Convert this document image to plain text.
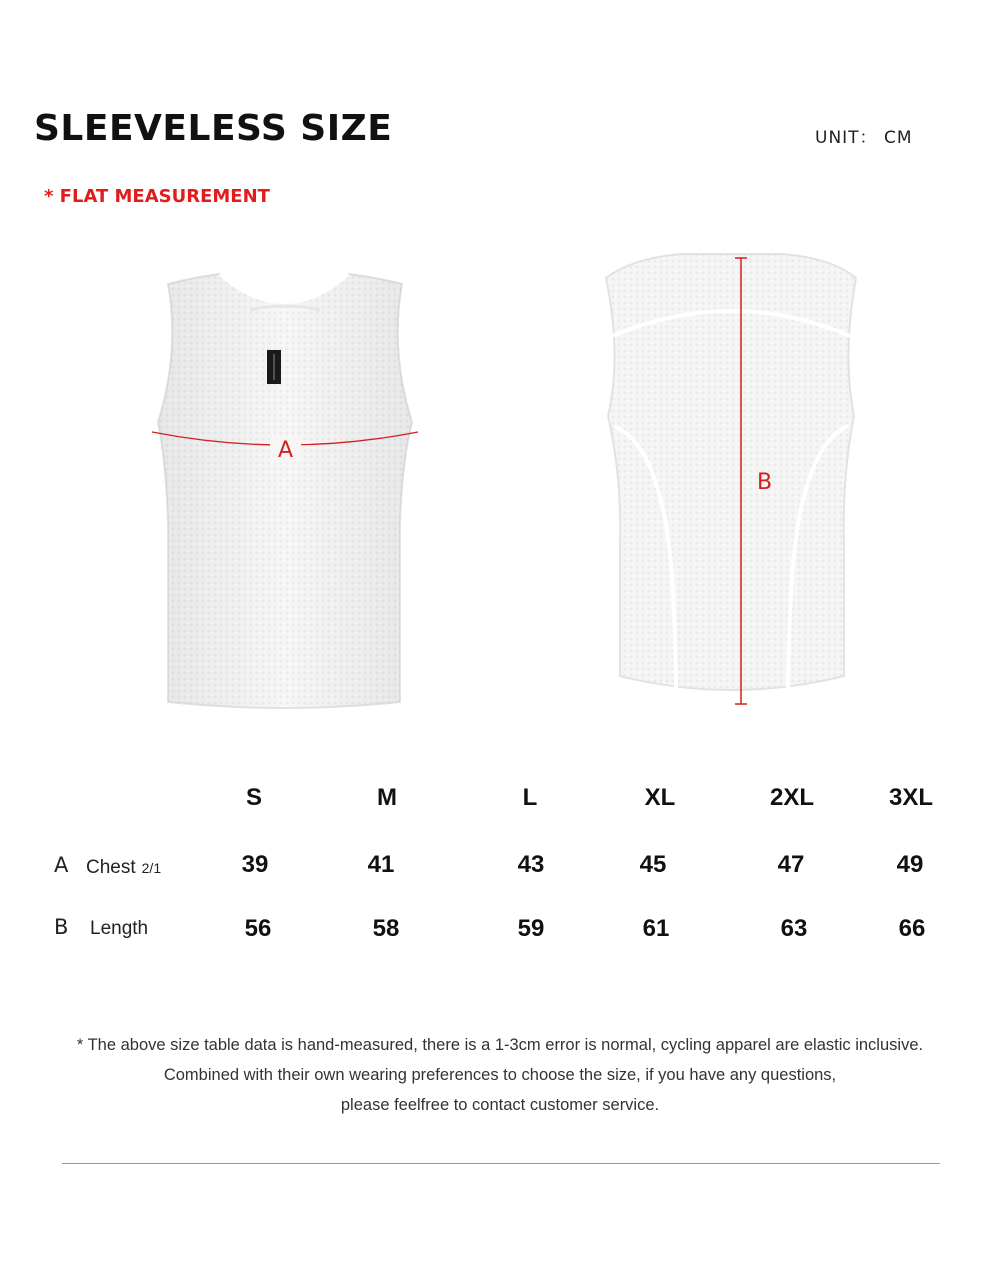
SLEEVELESS SIZE	UNIT： CM
* FLAT MEASUREMENT
A
B
S	M	L	XL	2XL	3XL
A Chest 2/1	39	41	43	45	47	49
B Length	56	58	59	61	63	66
* The above size table data is hand-measured, there is a 1-3cm error is normal, cycling apparel are elastic inclusive.
Combined with their own wearing preferences to choose the size, if you have any questions,
please feelfree to contact customer service.
